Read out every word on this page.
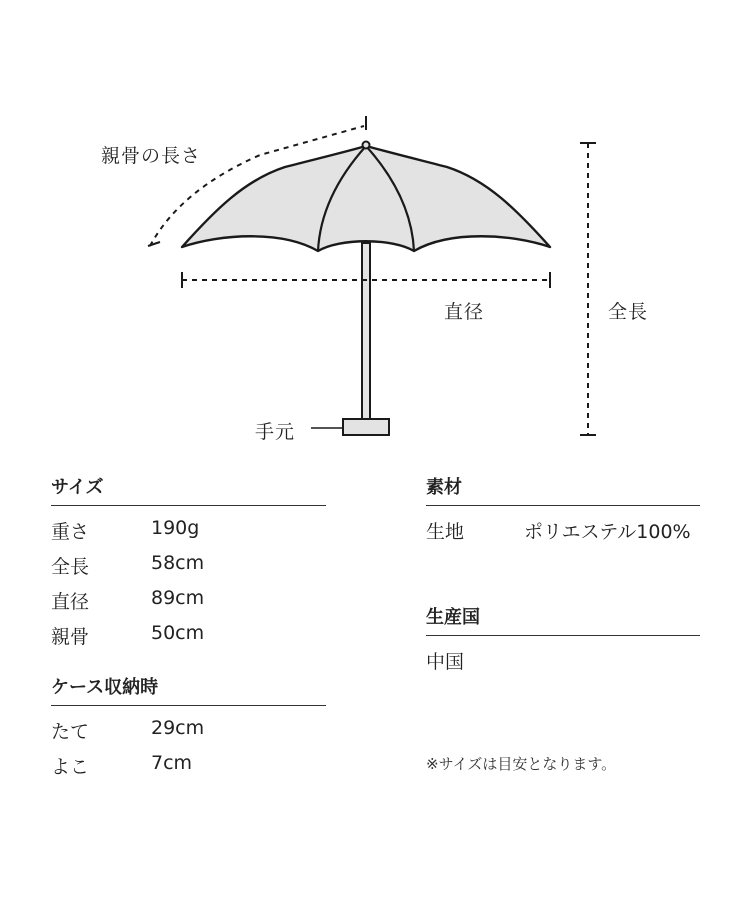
親骨の長さ
直径	全長
手元
サイズ
重さ	190g
全長	58cm
直径	89cm
親骨	50cm
ケース収納時
たて	29cm
よこ	7cm
素材
生地	ポリエステル100%
生産国
中国
※サイズは目安となります。
